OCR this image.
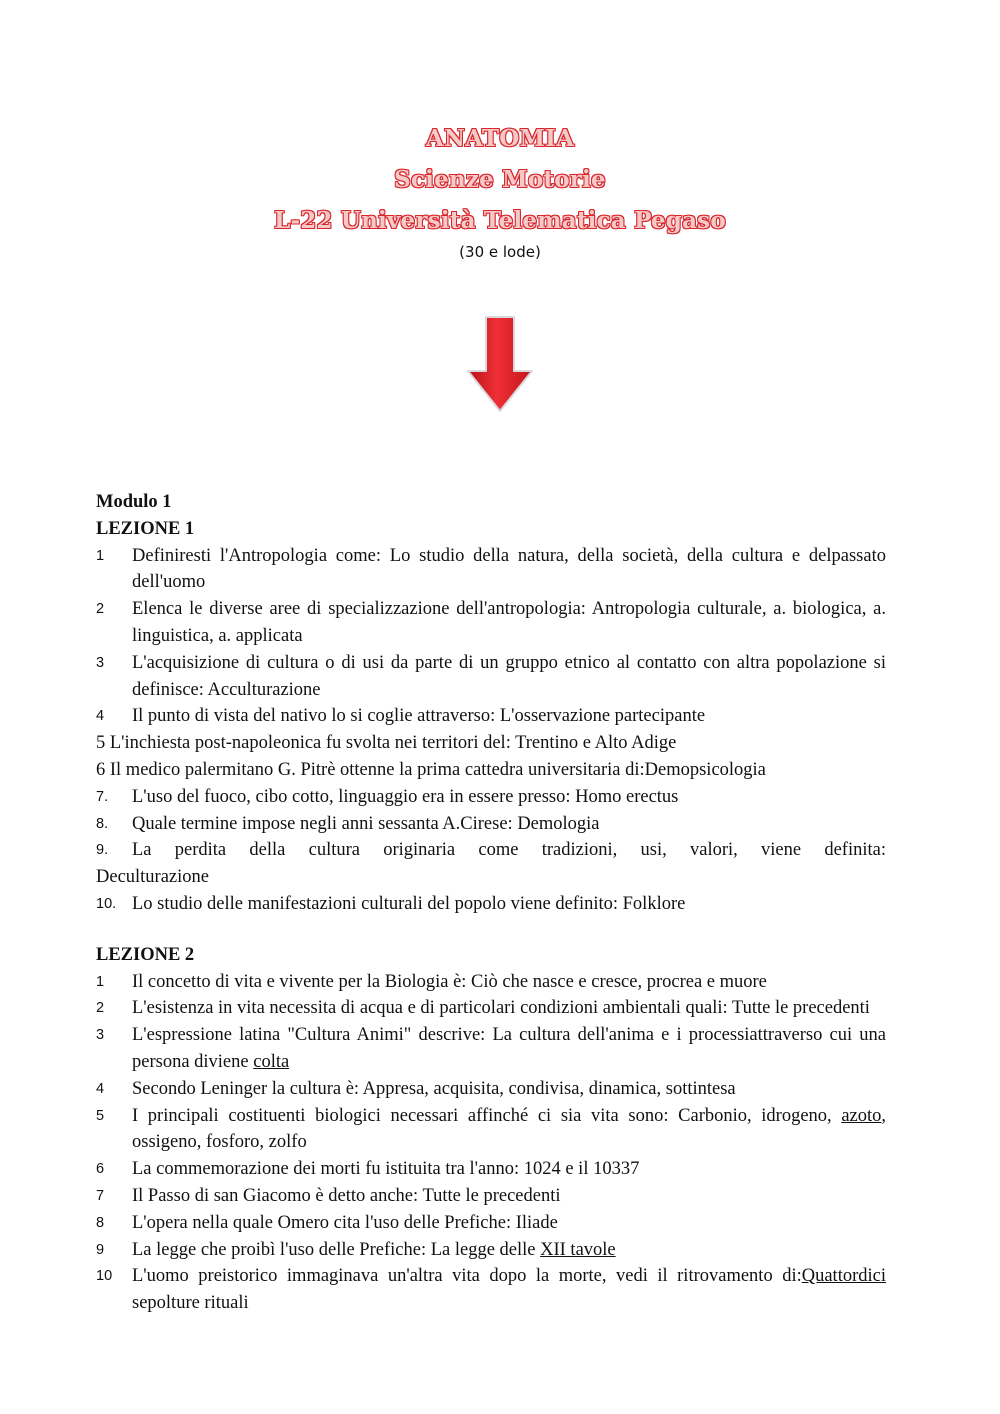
ANATOMIA
Scienze Motorie
L-22 Università Telematica Pegaso
(30 e lode)
Modulo 1
LEZIONE 1
1 Definiresti l'Antropologia come: Lo studio della natura, della società, della cultura e delpassato dell'uomo
2 Elenca le diverse aree di specializzazione dell'antropologia: Antropologia culturale, a. biologica, a. linguistica, a. applicata
3 L'acquisizione di cultura o di usi da parte di un gruppo etnico al contatto con altra popolazione si definisce: Acculturazione
4 Il punto di vista del nativo lo si coglie attraverso: L'osservazione partecipante
5 L'inchiesta post-napoleonica fu svolta nei territori del: Trentino e Alto Adige
6 Il medico palermitano G. Pitrè ottenne la prima cattedra universitaria di:Demopsicologia
7. L'uso del fuoco, cibo cotto, linguaggio era in essere presso: Homo erectus
8. Quale termine impose negli anni sessanta A.Cirese: Demologia
9. La perdita della cultura originaria come tradizioni, usi, valori, viene definita:
Deculturazione
10. Lo studio delle manifestazioni culturali del popolo viene definito: Folklore
LEZIONE 2
1 Il concetto di vita e vivente per la Biologia è: Ciò che nasce e cresce, procrea e muore
2 L'esistenza in vita necessita di acqua e di particolari condizioni ambientali quali: Tutte le precedenti
3 L'espressione latina "Cultura Animi" descrive: La cultura dell'anima e i processiattraverso cui una persona diviene colta
4 Secondo Leninger la cultura è: Appresa, acquisita, condivisa, dinamica, sottintesa
5 I principali costituenti biologici necessari affinché ci sia vita sono: Carbonio, idrogeno, azoto, ossigeno, fosforo, zolfo
6 La commemorazione dei morti fu istituita tra l'anno: 1024 e il 10337
7 Il Passo di san Giacomo è detto anche: Tutte le precedenti
8 L'opera nella quale Omero cita l'uso delle Prefiche: Iliade
9 La legge che proibì l'uso delle Prefiche: La legge delle XII tavole
10 L'uomo preistorico immaginava un'altra vita dopo la morte, vedi il ritrovamento di:Quattordici sepolture rituali
